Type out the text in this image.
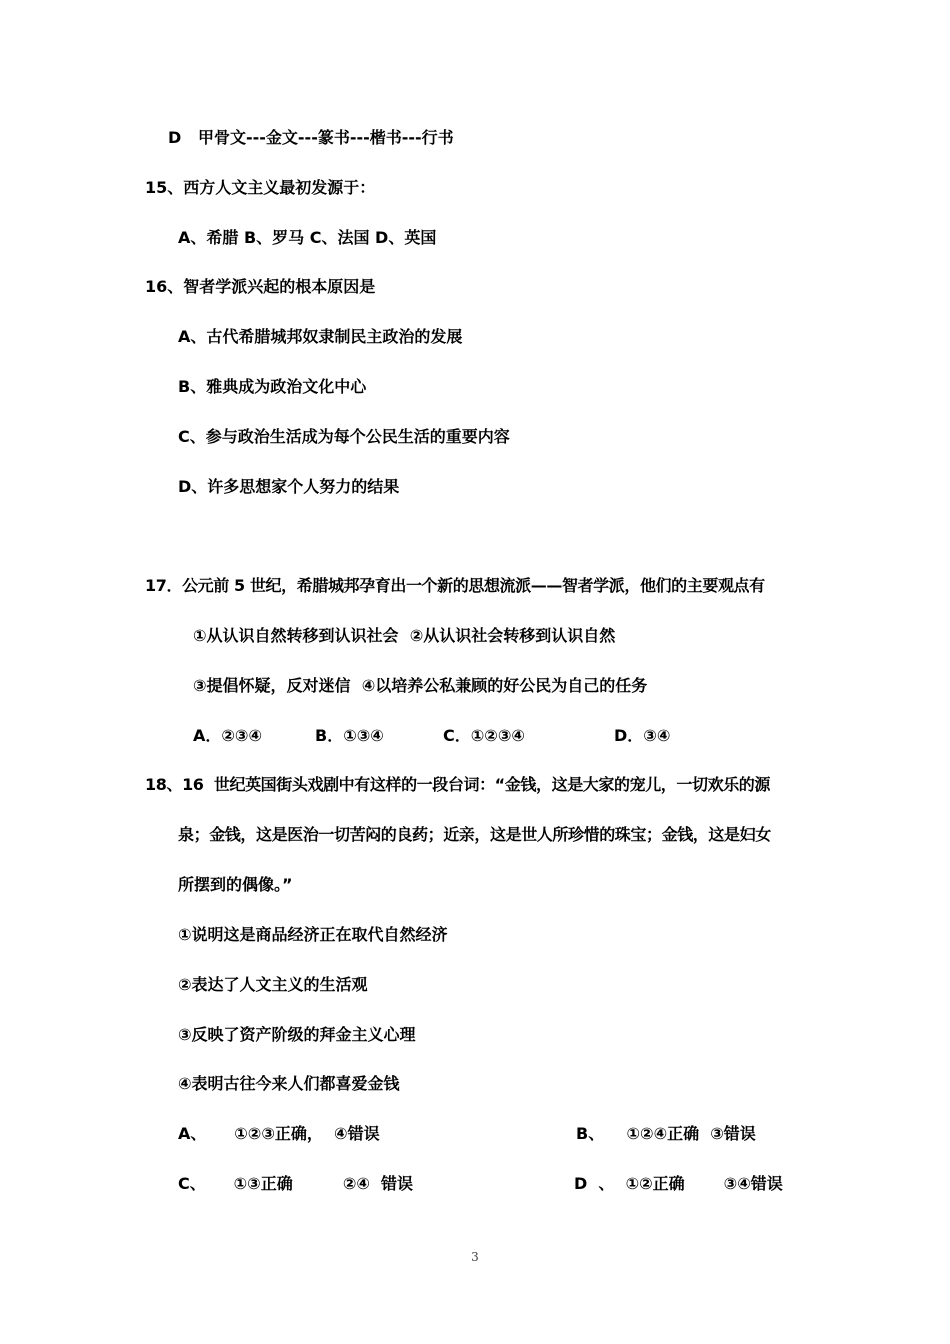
D   甲骨文---金文---篆书---楷书---行书
15、西方人文主义最初发源于：
A、希腊 B、罗马 C、法国 D、英国
16、智者学派兴起的根本原因是
A、古代希腊城邦奴隶制民主政治的发展
B、雅典成为政治文化中心
C、参与政治生活成为每个公民生活的重要内容
D、许多思想家个人努力的结果
17．公元前 5 世纪，希腊城邦孕育出一个新的思想流派——智者学派，他们的主要观点有
①从认识自然转移到认识社会  ②从认识社会转移到认识自然
③提倡怀疑，反对迷信  ④以培养公私兼顾的好公民为自己的任务
A．②③④	B．①③④	C．①②③④	D．③④
18、16  世纪英国街头戏剧中有这样的一段台词：“金钱，这是大家的宠儿，一切欢乐的源
泉；金钱，这是医治一切苦闷的良药；近亲，这是世人所珍惜的珠宝；金钱，这是妇女
所摆到的偶像。”
①说明这是商品经济正在取代自然经济
②表达了人文主义的生活观
③反映了资产阶级的拜金主义心理
④表明古往今来人们都喜爱金钱
A、     ①②③正确，  ④错误	B、    ①②④正确  ③错误
C、     ①③正确         ②④  错误	D  、  ①②正确       ③④错误
3
